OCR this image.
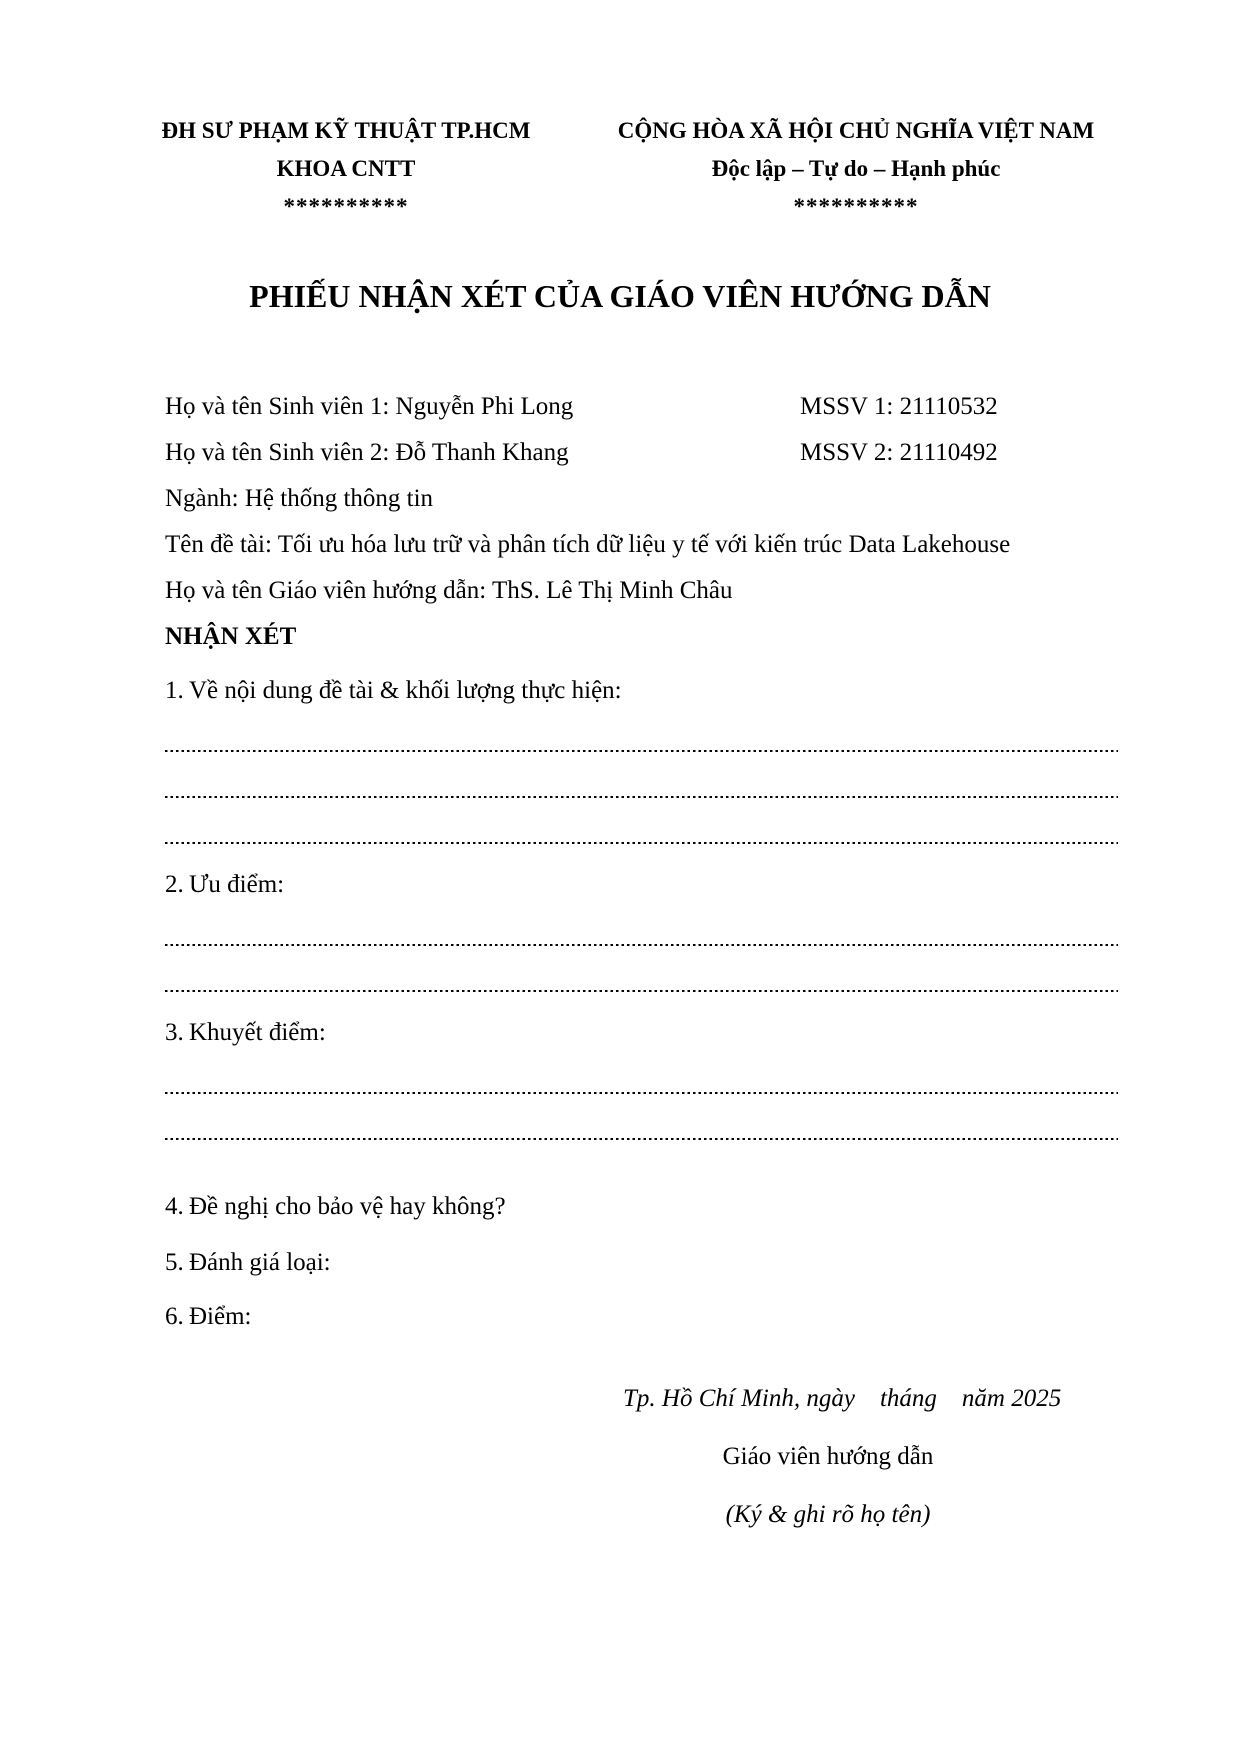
ĐH SƯ PHẠM KỸ THUẬT TP.HCM
KHOA CNTT
**********
CỘNG HÒA XÃ HỘI CHỦ NGHĨA VIỆT NAM
Độc lập – Tự do – Hạnh phúc
**********
PHIẾU NHẬN XÉT CỦA GIÁO VIÊN HƯỚNG DẪN
Họ và tên Sinh viên 1: Nguyễn Phi Long	MSSV 1: 21110532
Họ và tên Sinh viên 2: Đỗ Thanh Khang	MSSV 2: 21110492
Ngành: Hệ thống thông tin
Tên đề tài: Tối ưu hóa lưu trữ và phân tích dữ liệu y tế với kiến trúc Data Lakehouse
Họ và tên Giáo viên hướng dẫn: ThS. Lê Thị Minh Châu
NHẬN XÉT
1. Về nội dung đề tài & khối lượng thực hiện:
2. Ưu điểm:
3. Khuyết điểm:
4. Đề nghị cho bảo vệ hay không?
5. Đánh giá loại:
6. Điểm:
Tp. Hồ Chí Minh, ngày    tháng    năm 2025
Giáo viên hướng dẫn
(Ký & ghi rõ họ tên)
